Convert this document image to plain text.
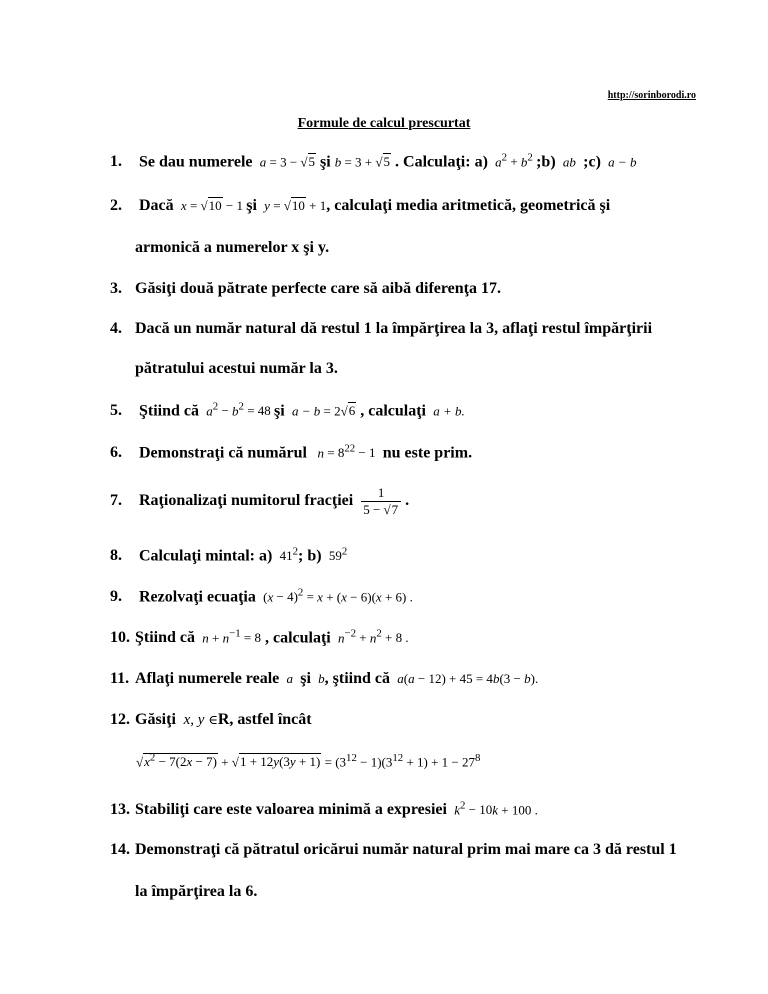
http://sorinborodi.ro
Formule de calcul prescurtat
1. Se dau numerele  a = 3 − √5 şi b = 3 + √5 . Calculaţi: a)  $a^2 + b^2$ ;b)  ab  ;c)  a − b
2. Dacă  x = √10 − 1 şi  y = √10 + 1, calculaţi media aritmetică, geometrică şi
armonică a numerelor x şi y.
3. Găsiţi două pătrate perfecte care să aibă diferenţa 17.
4. Dacă un număr natural dă restul 1 la împărţirea la 3, aflaţi restul împărţirii
pătratului acestui număr la 3.
5. Ştiind că  $a^2 - b^2 = 48$ şi  a − b = 2√6 , calculaţi  a + b.
6. Demonstraţi că numărul   $n = 8^{22} - 1$  nu este prim.
7. Raţionalizaţi numitorul fracţiei $\frac{1}{5 - √7}$ .
8. Calculaţi mintal: a)  $41^2$; b)  $59^2$
9. Rezolvaţi ecuaţia  $(x - 4)^2 = x + (x - 6)(x + 6)$ .
10. Ştiind că  $n + n^{-1} = 8$ , calculaţi  $n^{-2} + n^2 + 8$ .
11. Aflaţi numerele reale  a  şi  b, ştiind că  a(a − 12) + 45 = 4b(3 − b).
12. Găsiţi  x, y ∈R, astfel încât
$√x^2 - 7(2x - 7) + √1 + 12y(3y + 1) = (3^{12} - 1)(3^{12} + 1) + 1 - 27^8$
13. Stabiliţi care este valoarea minimă a expresiei  $k^2 - 10k + 100$ .
14. Demonstraţi că pătratul oricărui număr natural prim mai mare ca 3 dă restul 1
la împărţirea la 6.
